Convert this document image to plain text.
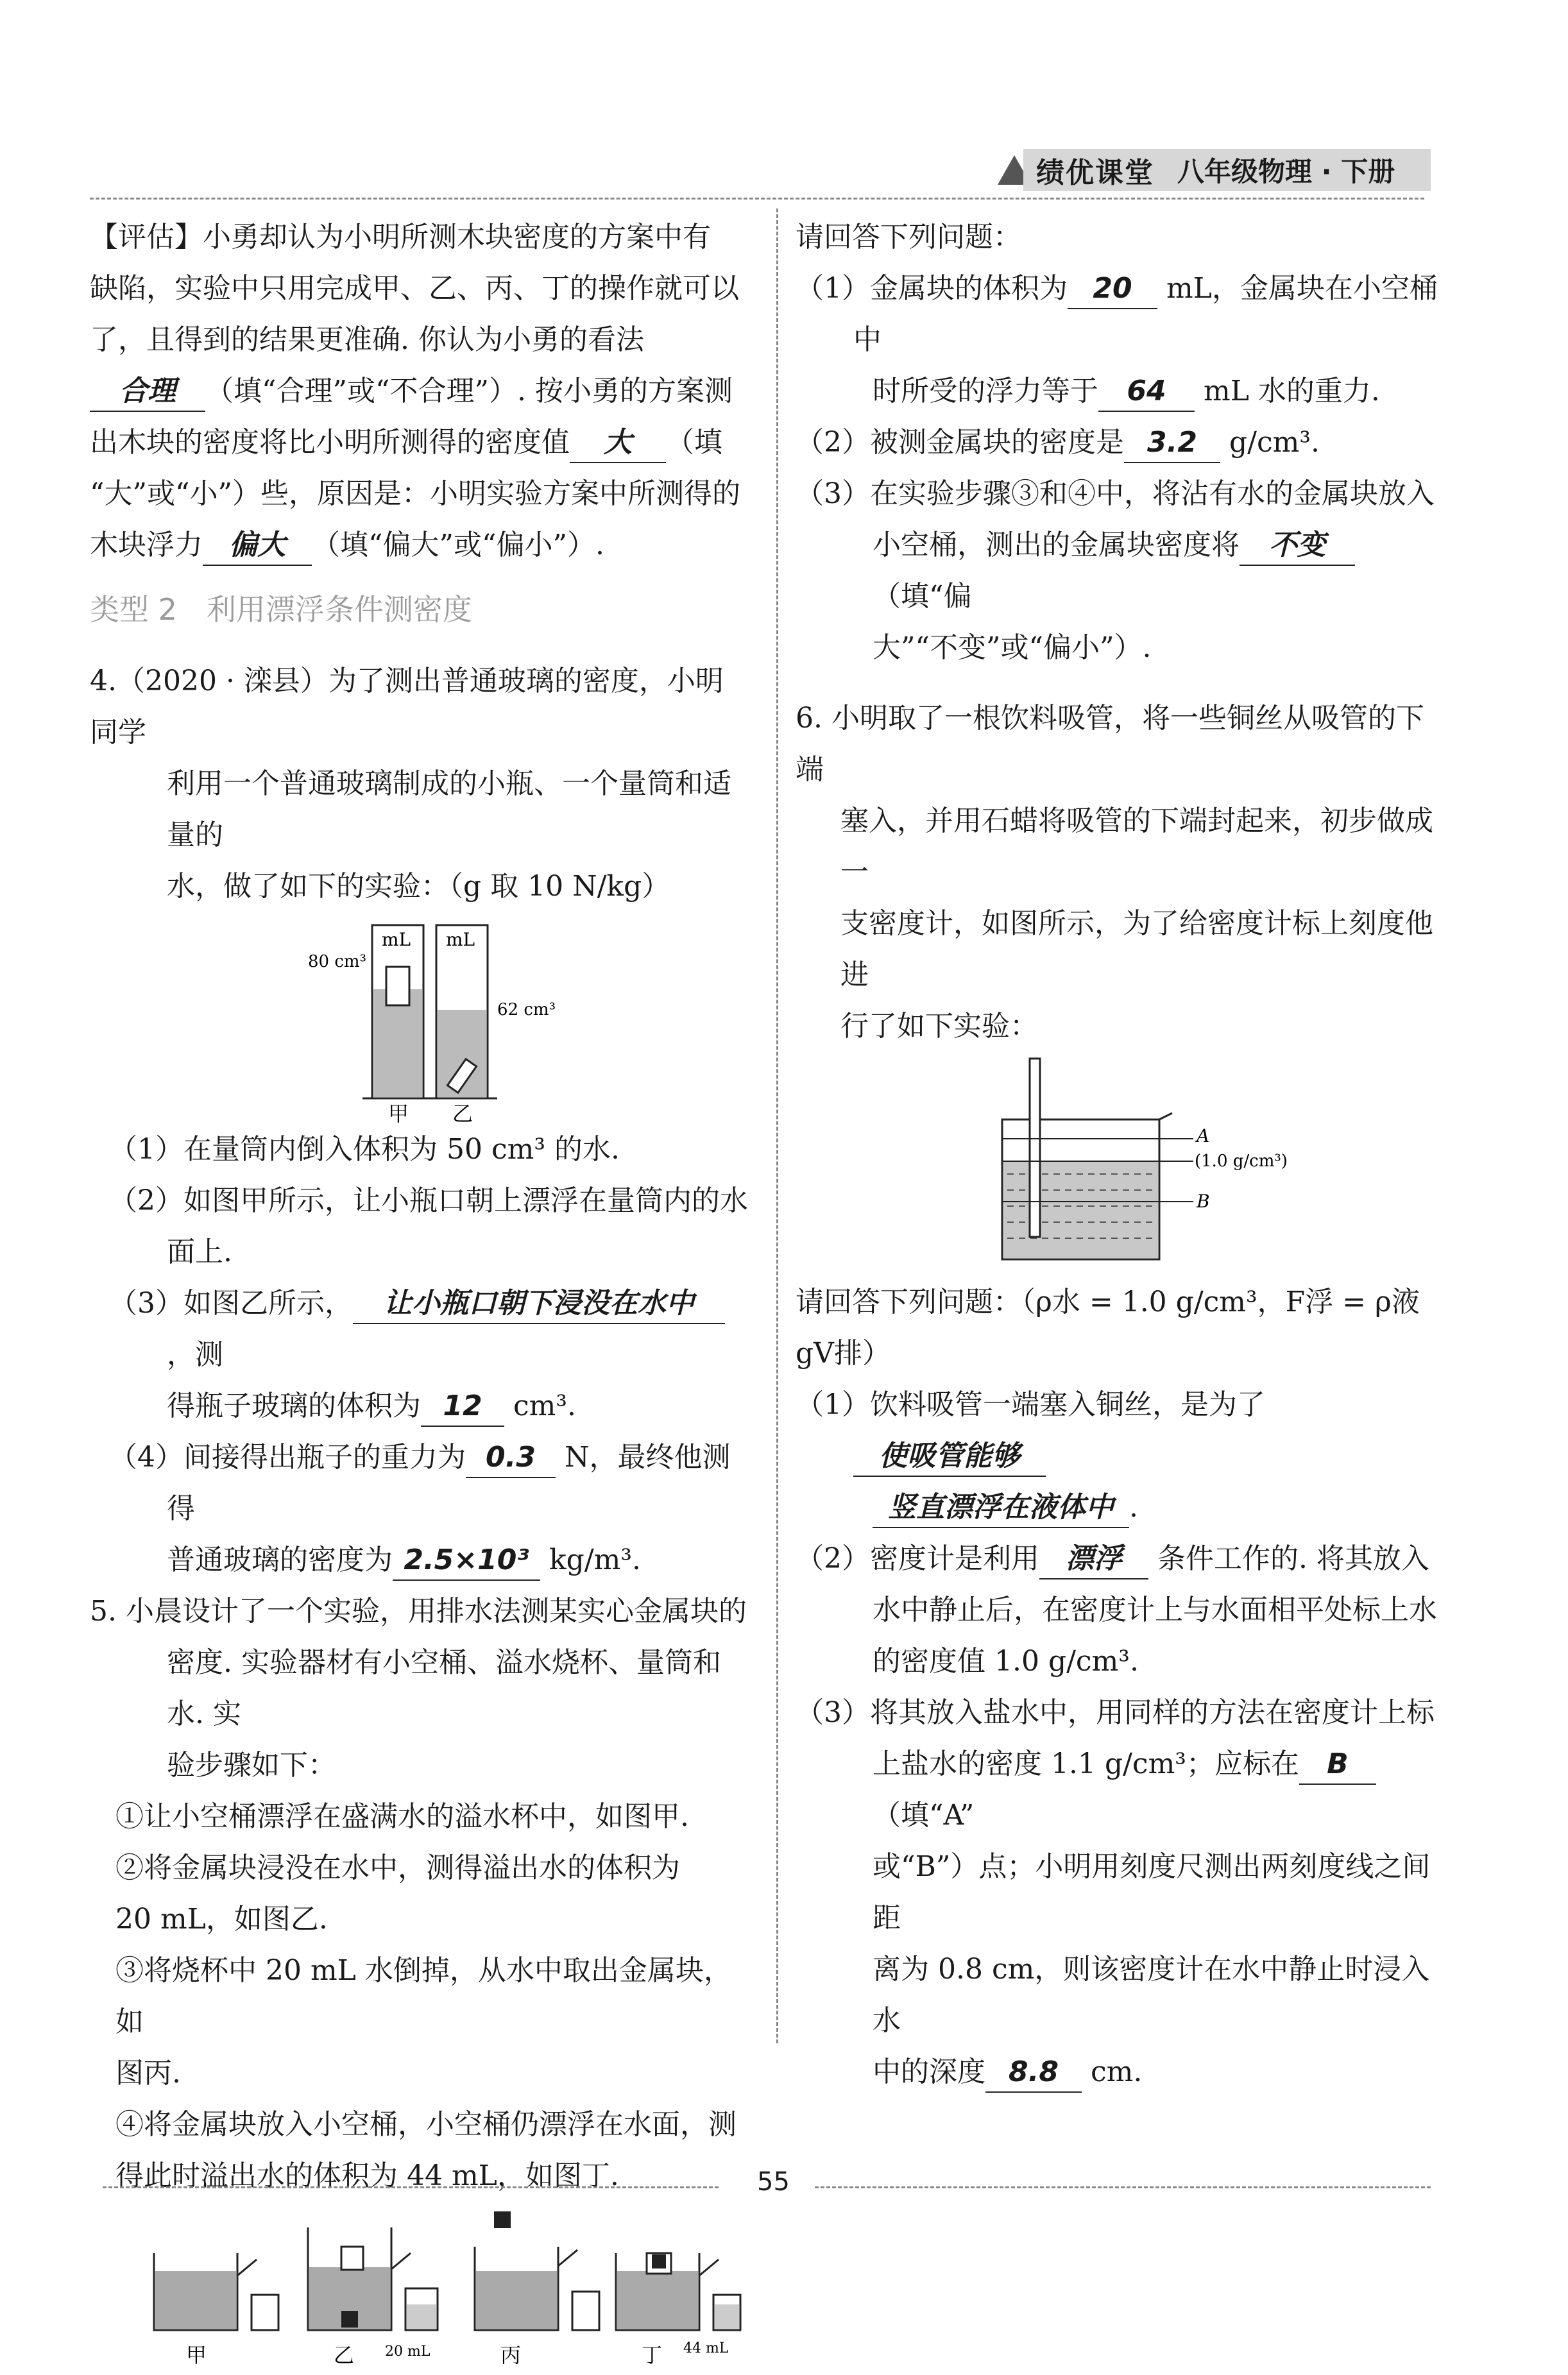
绩优课堂 八年级物理 · 下册

【评估】小勇却认为小明所测木块密度的方案中有

缺陷，实验中只用完成甲、乙、丙、丁的操作就可以

了，且得到的结果更准确. 你认为小勇的看法

合理 （填“合理”或“不合理”）. 按小勇的方案测

出木块的密度将比小明所测得的密度值 大 （填

“大”或“小”）些，原因是：小明实验方案中所测得的

木块浮力 偏大 （填“偏大”或“偏小”）.

类型 2　利用漂浮条件测密度

4.（2020 · 滦县）为了测出普通玻璃的密度，小明同学

利用一个普通玻璃制成的小瓶、一个量筒和适量的

水，做了如下的实验：（g 取 10 N/kg）

mL mL
80 cm³
62 cm³
甲 乙

（1）在量筒内倒入体积为 50 cm³ 的水.

（2）如图甲所示，让小瓶口朝上漂浮在量筒内的水

面上.

（3）如图乙所示， 让小瓶口朝下浸没在水中，测

得瓶子玻璃的体积为 12 cm³.

（4）间接得出瓶子的重力为 0.3 N，最终他测得

普通玻璃的密度为 2.5×10³ kg/m³.

5. 小晨设计了一个实验，用排水法测某实心金属块的

密度. 实验器材有小空桶、溢水烧杯、量筒和水. 实

验步骤如下：

①让小空桶漂浮在盛满水的溢水杯中，如图甲.

②将金属块浸没在水中，测得溢出水的体积为

20 mL，如图乙.

③将烧杯中 20 mL 水倒掉，从水中取出金属块，如

图丙.

④将金属块放入小空桶，小空桶仍漂浮在水面，测

得此时溢出水的体积为 44 mL，如图丁.

甲	乙	丙	丁
20 mL	44 mL

请回答下列问题：

（1）金属块的体积为 20 mL，金属块在小空桶中

时所受的浮力等于 64 mL 水的重力.

（2）被测金属块的密度是 3.2 g/cm³.

（3）在实验步骤③和④中，将沾有水的金属块放入

小空桶，测出的金属块密度将 不变（填“偏

大”“不变”或“偏小”）.

6. 小明取了一根饮料吸管，将一些铜丝从吸管的下端

塞入，并用石蜡将吸管的下端封起来，初步做成一

支密度计，如图所示，为了给密度计标上刻度他进

行了如下实验：

A
(1.0 g/cm³)
B

请回答下列问题：（ρ水 = 1.0 g/cm³，F浮 = ρ液 gV排）

（1）饮料吸管一端塞入铜丝，是为了使吸管能够

竖直漂浮在液体中 .

（2）密度计是利用 漂浮 条件工作的. 将其放入

水中静止后，在密度计上与水面相平处标上水

的密度值 1.0 g/cm³.

（3）将其放入盐水中，用同样的方法在密度计上标

上盐水的密度 1.1 g/cm³；应标在 B（填“A”

或“B”）点；小明用刻度尺测出两刻度线之间距

离为 0.8 cm，则该密度计在水中静止时浸入水

中的深度 8.8 cm.

55
